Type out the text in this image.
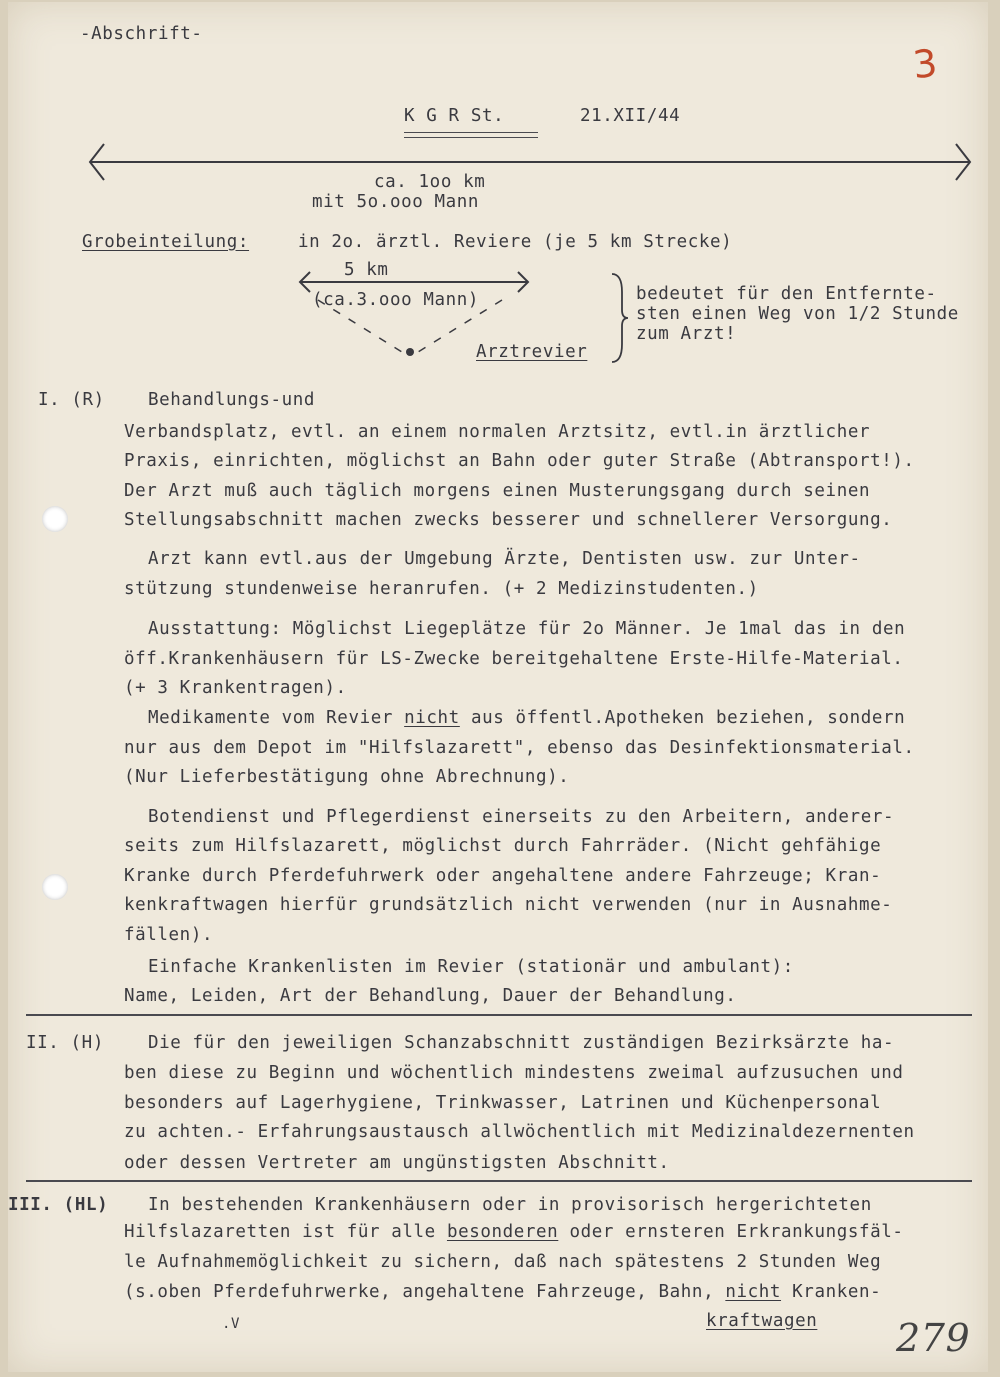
-Abschrift-
3
K G R St.	21.XII/44
ca. 1oo km
mit 5o.ooo Mann
Grobeinteilung:	in 2o. ärztl. Reviere (je 5 km Strecke)
5 km
(ca.3.ooo Mann)
Arztrevier
bedeutet für den Entfernte-
sten einen Weg von 1/2 Stunde
zum Arzt!
I. (R) Behandlungs-und
Verbandsplatz, evtl. an einem normalen Arztsitz, evtl.in ärztlicher
Praxis, einrichten, möglichst an Bahn oder guter Straße (Abtransport!).
Der Arzt muß auch täglich morgens einen Musterungsgang durch seinen
Stellungsabschnitt machen zwecks besserer und schnellerer Versorgung.
Arzt kann evtl.aus der Umgebung Ärzte, Dentisten usw. zur Unter-
stützung stundenweise heranrufen. (+ 2 Medizinstudenten.)
Ausstattung: Möglichst Liegeplätze für 2o Männer. Je 1mal das in den
öff.Krankenhäusern für LS-Zwecke bereitgehaltene Erste-Hilfe-Material.
(+ 3 Krankentragen).
Medikamente vom Revier nicht aus öffentl.Apotheken beziehen, sondern
nur aus dem Depot im "Hilfslazarett", ebenso das Desinfektionsmaterial.
(Nur Lieferbestätigung ohne Abrechnung).
Botendienst und Pflegerdienst einerseits zu den Arbeitern, anderer-
seits zum Hilfslazarett, möglichst durch Fahrräder. (Nicht gehfähige
Kranke durch Pferdefuhrwerk oder angehaltene andere Fahrzeuge; Kran-
kenkraftwagen hierfür grundsätzlich nicht verwenden (nur in Ausnahme-
fällen).
Einfache Krankenlisten im Revier (stationär und ambulant):
Name, Leiden, Art der Behandlung, Dauer der Behandlung.
II. (H)	Die für den jeweiligen Schanzabschnitt zuständigen Bezirksärzte ha-
ben diese zu Beginn und wöchentlich mindestens zweimal aufzusuchen und
besonders auf Lagerhygiene, Trinkwasser, Latrinen und Küchenpersonal
zu achten.- Erfahrungsaustausch allwöchentlich mit Medizinaldezernenten
oder dessen Vertreter am ungünstigsten Abschnitt.
III. (HL) In bestehenden Krankenhäusern oder in provisorisch hergerichteten
Hilfslazaretten ist für alle besonderen oder ernsteren Erkrankungsfäl-
le Aufnahmemöglichkeit zu sichern, daß nach spätestens 2 Stunden Weg
(s.oben Pferdefuhrwerke, angehaltene Fahrzeuge, Bahn, nicht Kranken-
kraftwagen
.V	279
